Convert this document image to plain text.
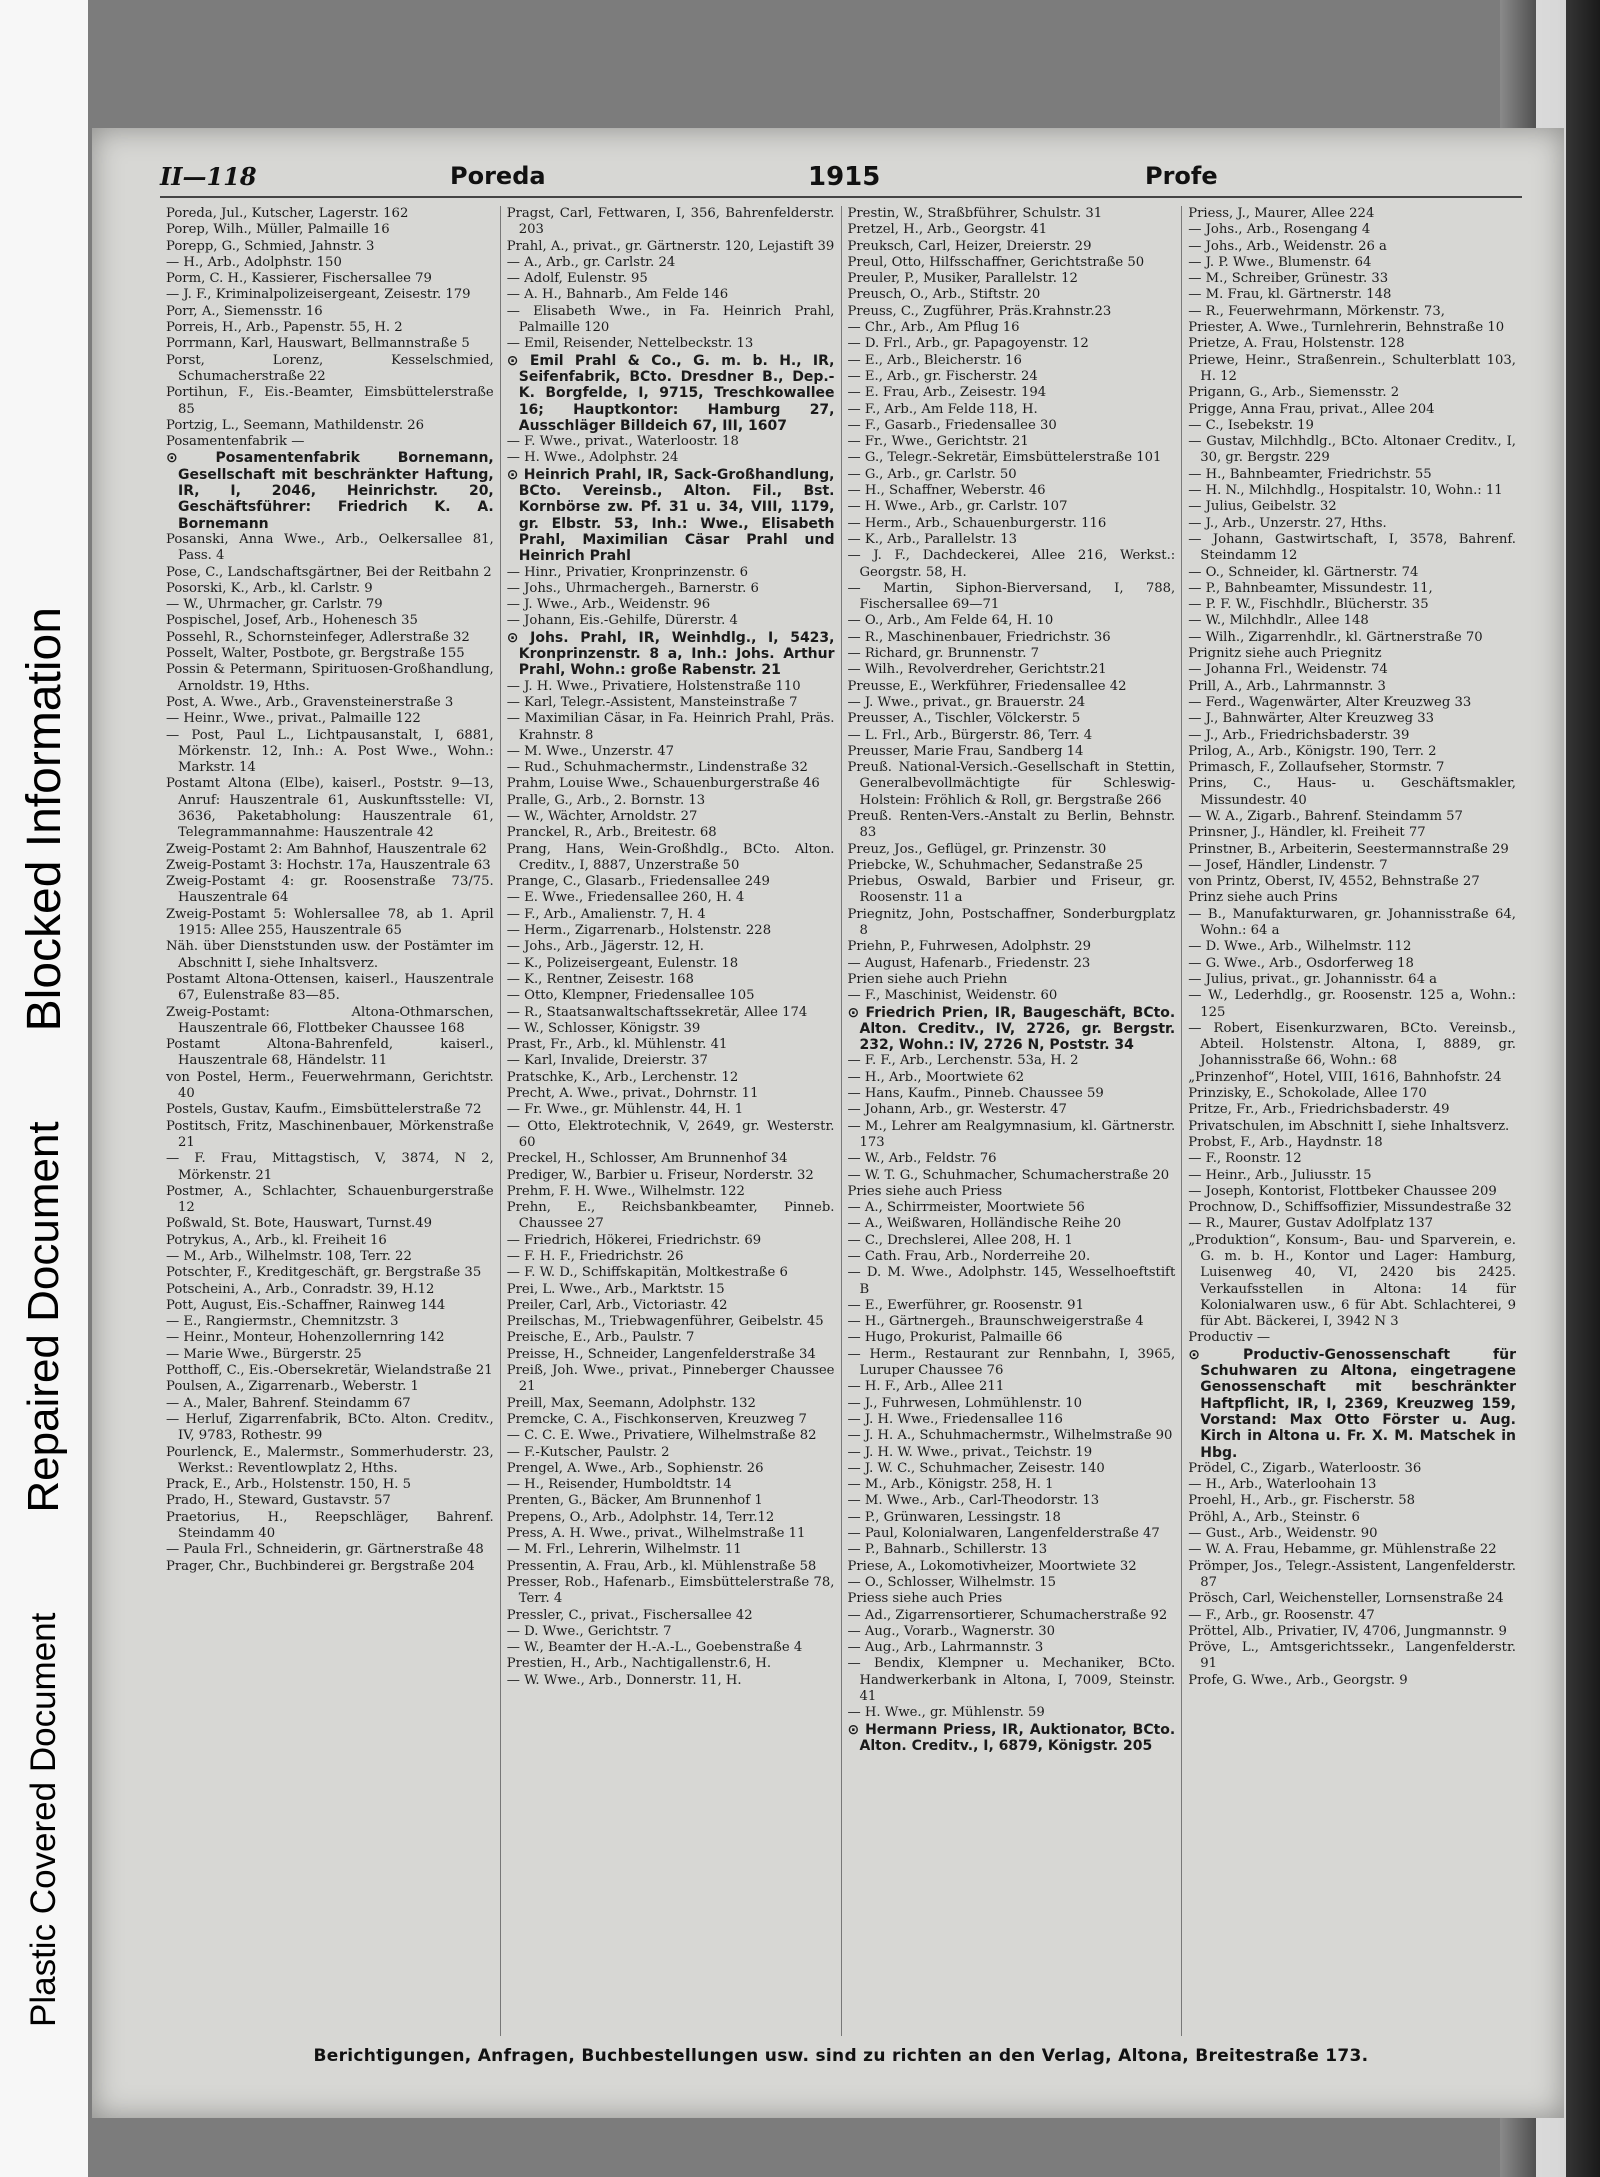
Plastic Covered Document
Repaired Document
Blocked Information
II—118	Poreda	1915	Profe

Poreda, Jul., Kutscher, Lagerstr. 162

Porep, Wilh., Müller, Palmaille 16

Porepp, G., Schmied, Jahnstr. 3

— H., Arb., Adolphstr. 150

Porm, C. H., Kassierer, Fischersallee 79

— J. F., Kriminalpolizeisergeant, Zeisestr. 179

Porr, A., Siemensstr. 16

Porreis, H., Arb., Papenstr. 55, H. 2

Porrmann, Karl, Hauswart, Bellmannstraße 5

Porst, Lorenz, Kesselschmied, Schumacherstraße 22

Portihun, F., Eis.-Beamter, Eimsbüttelerstraße 85

Portzig, L., Seemann, Mathildenstr. 26

Posamentenfabrik —

⊙ Posamentenfabrik Bornemann, Gesellschaft mit beschränkter Haftung, IR, I, 2046, Heinrichstr. 20, Geschäftsführer: Friedrich K. A. Bornemann

Posanski, Anna Wwe., Arb., Oelkersallee 81, Pass. 4

Pose, C., Landschaftsgärtner, Bei der Reitbahn 2

Posorski, K., Arb., kl. Carlstr. 9

— W., Uhrmacher, gr. Carlstr. 79

Pospischel, Josef, Arb., Hohenesch 35

Possehl, R., Schornsteinfeger, Adlerstraße 32

Posselt, Walter, Postbote, gr. Bergstraße 155

Possin & Petermann, Spirituosen-Großhandlung, Arnoldstr. 19, Hths.

Post, A. Wwe., Arb., Gravensteinerstraße 3

— Heinr., Wwe., privat., Palmaille 122

— Post, Paul L., Lichtpausanstalt, I, 6881, Mörkenstr. 12, Inh.: A. Post Wwe., Wohn.: Markstr. 14

Postamt Altona (Elbe), kaiserl., Poststr. 9—13, Anruf: Hauszentrale 61, Auskunftsstelle: VI, 3636, Paketabholung: Hauszentrale 61, Telegrammannahme: Hauszentrale 42

Zweig-Postamt 2: Am Bahnhof, Hauszentrale 62

Zweig-Postamt 3: Hochstr. 17a, Hauszentrale 63

Zweig-Postamt 4: gr. Roosenstraße 73/75. Hauszentrale 64

Zweig-Postamt 5: Wohlersallee 78, ab 1. April 1915: Allee 255, Hauszentrale 65

Näh. über Dienststunden usw. der Postämter im Abschnitt I, siehe Inhaltsverz.

Postamt Altona-Ottensen, kaiserl., Hauszentrale 67, Eulenstraße 83—85.

Zweig-Postamt: Altona-Othmarschen, Hauszentrale 66, Flottbeker Chaussee 168

Postamt Altona-Bahrenfeld, kaiserl., Hauszentrale 68, Händelstr. 11

von Postel, Herm., Feuerwehrmann, Gerichtstr. 40

Postels, Gustav, Kaufm., Eimsbüttelerstraße 72

Postitsch, Fritz, Maschinenbauer, Mörkenstraße 21

— F. Frau, Mittagstisch, V, 3874, N 2, Mörkenstr. 21

Postmer, A., Schlachter, Schauenburgerstraße 12

Poßwald, St. Bote, Hauswart, Turnst.49

Potrykus, A., Arb., kl. Freiheit 16

— M., Arb., Wilhelmstr. 108, Terr. 22

Potschter, F., Kreditgeschäft, gr. Bergstraße 35

Potscheini, A., Arb., Conradstr. 39, H.12

Pott, August, Eis.-Schaffner, Rainweg 144

— E., Rangiermstr., Chemnitzstr. 3

— Heinr., Monteur, Hohenzollernring 142

— Marie Wwe., Bürgerstr. 25

Potthoff, C., Eis.-Obersekretär, Wielandstraße 21

Poulsen, A., Zigarrenarb., Weberstr. 1

— A., Maler, Bahrenf. Steindamm 67

— Herluf, Zigarrenfabrik, BCto. Alton. Creditv., IV, 9783, Rothestr. 99

Pourlenck, E., Malermstr., Sommerhuderstr. 23, Werkst.: Reventlowplatz 2, Hths.

Prack, E., Arb., Holstenstr. 150, H. 5

Prado, H., Steward, Gustavstr. 57

Praetorius, H., Reepschläger, Bahrenf. Steindamm 40

— Paula Frl., Schneiderin, gr. Gärtnerstraße 48

Prager, Chr., Buchbinderei gr. Bergstraße 204

Pragst, Carl, Fettwaren, I, 356, Bahrenfelderstr. 203

Prahl, A., privat., gr. Gärtnerstr. 120, Lejastift 39

— A., Arb., gr. Carlstr. 24

— Adolf, Eulenstr. 95

— A. H., Bahnarb., Am Felde 146

— Elisabeth Wwe., in Fa. Heinrich Prahl, Palmaille 120

— Emil, Reisender, Nettelbeckstr. 13

⊙ Emil Prahl & Co., G. m. b. H., IR, Seifenfabrik, BCto. Dresdner B., Dep.-K. Borgfelde, I, 9715, Treschkowallee 16; Hauptkontor: Hamburg 27, Ausschläger Billdeich 67, III, 1607

— F. Wwe., privat., Waterloostr. 18

— H. Wwe., Adolphstr. 24

⊙ Heinrich Prahl, IR, Sack-Großhandlung, BCto. Vereinsb., Alton. Fil., Bst. Kornbörse zw. Pf. 31 u. 34, VIII, 1179, gr. Elbstr. 53, Inh.: Wwe., Elisabeth Prahl, Maximilian Cäsar Prahl und Heinrich Prahl

— Hinr., Privatier, Kronprinzenstr. 6

— Johs., Uhrmachergeh., Barnerstr. 6

— J. Wwe., Arb., Weidenstr. 96

— Johann, Eis.-Gehilfe, Dürerstr. 4

⊙ Johs. Prahl, IR, Weinhdlg., I, 5423, Kronprinzenstr. 8 a, Inh.: Johs. Arthur Prahl, Wohn.: große Rabenstr. 21

— J. H. Wwe., Privatiere, Holstenstraße 110

— Karl, Telegr.-Assistent, Mansteinstraße 7

— Maximilian Cäsar, in Fa. Heinrich Prahl, Präs. Krahnstr. 8

— M. Wwe., Unzerstr. 47

— Rud., Schuhmachermstr., Lindenstraße 32

Prahm, Louise Wwe., Schauenburgerstraße 46

Pralle, G., Arb., 2. Bornstr. 13

— W., Wächter, Arnoldstr. 27

Pranckel, R., Arb., Breitestr. 68

Prang, Hans, Wein-Großhdlg., BCto. Alton. Creditv., I, 8887, Unzerstraße 50

Prange, C., Glasarb., Friedensallee 249

— E. Wwe., Friedensallee 260, H. 4

— F., Arb., Amalienstr. 7, H. 4

— Herm., Zigarrenarb., Holstenstr. 228

— Johs., Arb., Jägerstr. 12, H.

— K., Polizeisergeant, Eulenstr. 18

— K., Rentner, Zeisestr. 168

— Otto, Klempner, Friedensallee 105

— R., Staatsanwaltschaftssekretär, Allee 174

— W., Schlosser, Königstr. 39

Prast, Fr., Arb., kl. Mühlenstr. 41

— Karl, Invalide, Dreierstr. 37

Pratschke, K., Arb., Lerchenstr. 12

Precht, A. Wwe., privat., Dohrnstr. 11

— Fr. Wwe., gr. Mühlenstr. 44, H. 1

— Otto, Elektrotechnik, V, 2649, gr. Westerstr. 60

Preckel, H., Schlosser, Am Brunnenhof 34

Prediger, W., Barbier u. Friseur, Norderstr. 32

Prehm, F. H. Wwe., Wilhelmstr. 122

Prehn, E., Reichsbankbeamter, Pinneb. Chaussee 27

— Friedrich, Hökerei, Friedrichstr. 69

— F. H. F., Friedrichstr. 26

— F. W. D., Schiffskapitän, Moltkestraße 6

Prei, L. Wwe., Arb., Marktstr. 15

Preiler, Carl, Arb., Victoriastr. 42

Preilschas, M., Triebwagenführer, Geibelstr. 45

Preische, E., Arb., Paulstr. 7

Preisse, H., Schneider, Langenfelderstraße 34

Preiß, Joh. Wwe., privat., Pinneberger Chaussee 21

Preill, Max, Seemann, Adolphstr. 132

Premcke, C. A., Fischkonserven, Kreuzweg 7

— C. C. E. Wwe., Privatiere, Wilhelmstraße 82

— F.-Kutscher, Paulstr. 2

Prengel, A. Wwe., Arb., Sophienstr. 26

— H., Reisender, Humboldtstr. 14

Prenten, G., Bäcker, Am Brunnenhof 1

Prepens, O., Arb., Adolphstr. 14, Terr.12

Press, A. H. Wwe., privat., Wilhelmstraße 11

— M. Frl., Lehrerin, Wilhelmstr. 11

Pressentin, A. Frau, Arb., kl. Mühlenstraße 58

Presser, Rob., Hafenarb., Eimsbüttelerstraße 78, Terr. 4

Pressler, C., privat., Fischersallee 42

— D. Wwe., Gerichtstr. 7

— W., Beamter der H.-A.-L., Goebenstraße 4

Prestien, H., Arb., Nachtigallenstr.6, H.

— W. Wwe., Arb., Donnerstr. 11, H.

Prestin, W., Straßbführer, Schulstr. 31

Pretzel, H., Arb., Georgstr. 41

Preuksch, Carl, Heizer, Dreierstr. 29

Preul, Otto, Hilfsschaffner, Gerichtstraße 50

Preuler, P., Musiker, Parallelstr. 12

Preusch, O., Arb., Stiftstr. 20

Preuss, C., Zugführer, Präs.Krahnstr.23

— Chr., Arb., Am Pflug 16

— D. Frl., Arb., gr. Papagoyenstr. 12

— E., Arb., Bleicherstr. 16

— E., Arb., gr. Fischerstr. 24

— E. Frau, Arb., Zeisestr. 194

— F., Arb., Am Felde 118, H.

— F., Gasarb., Friedensallee 30

— Fr., Wwe., Gerichtstr. 21

— G., Telegr.-Sekretär, Eimsbüttelerstraße 101

— G., Arb., gr. Carlstr. 50

— H., Schaffner, Weberstr. 46

— H. Wwe., Arb., gr. Carlstr. 107

— Herm., Arb., Schauenburgerstr. 116

— K., Arb., Parallelstr. 13

— J. F., Dachdeckerei, Allee 216, Werkst.: Georgstr. 58, H.

— Martin, Siphon-Bierversand, I, 788, Fischersallee 69—71

— O., Arb., Am Felde 64, H. 10

— R., Maschinenbauer, Friedrichstr. 36

— Richard, gr. Brunnenstr. 7

— Wilh., Revolverdreher, Gerichtstr.21

Preusse, E., Werkführer, Friedensallee 42

— J. Wwe., privat., gr. Brauerstr. 24

Preusser, A., Tischler, Völckerstr. 5

— L. Frl., Arb., Bürgerstr. 86, Terr. 4

Preusser, Marie Frau, Sandberg 14

Preuß. National-Versich.-Gesellschaft in Stettin, Generalbevollmächtigte für Schleswig-Holstein: Fröhlich & Roll, gr. Bergstraße 266

Preuß. Renten-Vers.-Anstalt zu Berlin, Behnstr. 83

Preuz, Jos., Geflügel, gr. Prinzenstr. 30

Priebcke, W., Schuhmacher, Sedanstraße 25

Priebus, Oswald, Barbier und Friseur, gr. Roosenstr. 11 a

Priegnitz, John, Postschaffner, Sonderburgplatz 8

Priehn, P., Fuhrwesen, Adolphstr. 29

— August, Hafenarb., Friedenstr. 23

Prien siehe auch Priehn

— F., Maschinist, Weidenstr. 60

⊙ Friedrich Prien, IR, Baugeschäft, BCto. Alton. Creditv., IV, 2726, gr. Bergstr. 232, Wohn.: IV, 2726 N, Poststr. 34

— F. F., Arb., Lerchenstr. 53a, H. 2

— H., Arb., Moortwiete 62

— Hans, Kaufm., Pinneb. Chaussee 59

— Johann, Arb., gr. Westerstr. 47

— M., Lehrer am Realgymnasium, kl. Gärtnerstr. 173

— W., Arb., Feldstr. 76

— W. T. G., Schuhmacher, Schumacherstraße 20

Pries siehe auch Priess

— A., Schirrmeister, Moortwiete 56

— A., Weißwaren, Holländische Reihe 20

— C., Drechslerei, Allee 208, H. 1

— Cath. Frau, Arb., Norderreihe 20.

— D. M. Wwe., Adolphstr. 145, Wesselhoeftstift B

— E., Ewerführer, gr. Roosenstr. 91

— H., Gärtnergeh., Braunschweigerstraße 4

— Hugo, Prokurist, Palmaille 66

— Herm., Restaurant zur Rennbahn, I, 3965, Luruper Chaussee 76

— H. F., Arb., Allee 211

— J., Fuhrwesen, Lohmühlenstr. 10

— J. H. Wwe., Friedensallee 116

— J. H. A., Schuhmachermstr., Wilhelmstraße 90

— J. H. W. Wwe., privat., Teichstr. 19

— J. W. C., Schuhmacher, Zeisestr. 140

— M., Arb., Königstr. 258, H. 1

— M. Wwe., Arb., Carl-Theodorstr. 13

— P., Grünwaren, Lessingstr. 18

— Paul, Kolonialwaren, Langenfelderstraße 47

— P., Bahnarb., Schillerstr. 13

Priese, A., Lokomotivheizer, Moortwiete 32

— O., Schlosser, Wilhelmstr. 15

Priess siehe auch Pries

— Ad., Zigarrensortierer, Schumacherstraße 92

— Aug., Vorarb., Wagnerstr. 30

— Aug., Arb., Lahrmannstr. 3

— Bendix, Klempner u. Mechaniker, BCto. Handwerkerbank in Altona, I, 7009, Steinstr. 41

— H. Wwe., gr. Mühlenstr. 59

⊙ Hermann Priess, IR, Auktionator, BCto. Alton. Creditv., I, 6879, Königstr. 205

Priess, J., Maurer, Allee 224

— Johs., Arb., Rosengang 4

— Johs., Arb., Weidenstr. 26 a

— J. P. Wwe., Blumenstr. 64

— M., Schreiber, Grünestr. 33

— M. Frau, kl. Gärtnerstr. 148

— R., Feuerwehrmann, Mörkenstr. 73,

Priester, A. Wwe., Turnlehrerin, Behnstraße 10

Prietze, A. Frau, Holstenstr. 128

Priewe, Heinr., Straßenrein., Schulterblatt 103, H. 12

Prigann, G., Arb., Siemensstr. 2

Prigge, Anna Frau, privat., Allee 204

— C., Isebekstr. 19

— Gustav, Milchhdlg., BCto. Altonaer Creditv., I, 30, gr. Bergstr. 229

— H., Bahnbeamter, Friedrichstr. 55

— H. N., Milchhdlg., Hospitalstr. 10, Wohn.: 11

— Julius, Geibelstr. 32

— J., Arb., Unzerstr. 27, Hths.

— Johann, Gastwirtschaft, I, 3578, Bahrenf. Steindamm 12

— O., Schneider, kl. Gärtnerstr. 74

— P., Bahnbeamter, Missundestr. 11,

— P. F. W., Fischhdlr., Blücherstr. 35

— W., Milchhdlr., Allee 148

— Wilh., Zigarrenhdlr., kl. Gärtnerstraße 70

Prignitz siehe auch Priegnitz

— Johanna Frl., Weidenstr. 74

Prill, A., Arb., Lahrmannstr. 3

— Ferd., Wagenwärter, Alter Kreuzweg 33

— J., Bahnwärter, Alter Kreuzweg 33

— J., Arb., Friedrichsbaderstr. 39

Prilog, A., Arb., Königstr. 190, Terr. 2

Primasch, F., Zollaufseher, Stormstr. 7

Prins, C., Haus- u. Geschäftsmakler, Missundestr. 40

— W. A., Zigarb., Bahrenf. Steindamm 57

Prinsner, J., Händler, kl. Freiheit 77

Prinstner, B., Arbeiterin, Seestermannstraße 29

— Josef, Händler, Lindenstr. 7

von Printz, Oberst, IV, 4552, Behnstraße 27

Prinz siehe auch Prins

— B., Manufakturwaren, gr. Johannisstraße 64, Wohn.: 64 a

— D. Wwe., Arb., Wilhelmstr. 112

— G. Wwe., Arb., Osdorferweg 18

— Julius, privat., gr. Johannisstr. 64 a

— W., Lederhdlg., gr. Roosenstr. 125 a, Wohn.: 125

— Robert, Eisenkurzwaren, BCto. Vereinsb., Abteil. Holstenstr. Altona, I, 8889, gr. Johannisstraße 66, Wohn.: 68

„Prinzenhof“, Hotel, VIII, 1616, Bahnhofstr. 24

Prinzisky, E., Schokolade, Allee 170

Pritze, Fr., Arb., Friedrichsbaderstr. 49

Privatschulen, im Abschnitt I, siehe Inhaltsverz.

Probst, F., Arb., Haydnstr. 18

— F., Roonstr. 12

— Heinr., Arb., Juliusstr. 15

— Joseph, Kontorist, Flottbeker Chaussee 209

Prochnow, D., Schiffsoffizier, Missundestraße 32

— R., Maurer, Gustav Adolfplatz 137

„Produktion“, Konsum-, Bau- und Sparverein, e. G. m. b. H., Kontor und Lager: Hamburg, Luisenweg 40, VI, 2420 bis 2425. Verkaufsstellen in Altona: 14 für Kolonialwaren usw., 6 für Abt. Schlachterei, 9 für Abt. Bäckerei, I, 3942 N 3

Productiv —

⊙ Productiv-Genossenschaft für Schuhwaren zu Altona, eingetragene Genossenschaft mit beschränkter Haftpflicht, IR, I, 2369, Kreuzweg 159, Vorstand: Max Otto Förster u. Aug. Kirch in Altona u. Fr. X. M. Matschek in Hbg.

Prödel, C., Zigarb., Waterloostr. 36

— H., Arb., Waterloohain 13

Proehl, H., Arb., gr. Fischerstr. 58

Pröhl, A., Arb., Steinstr. 6

— Gust., Arb., Weidenstr. 90

— W. A. Frau, Hebamme, gr. Mühlenstraße 22

Prömper, Jos., Telegr.-Assistent, Langenfelderstr. 87

Prösch, Carl, Weichensteller, Lornsenstraße 24

— F., Arb., gr. Roosenstr. 47

Pröttel, Alb., Privatier, IV, 4706, Jungmannstr. 9

Pröve, L., Amtsgerichtssekr., Langenfelderstr. 91

Profe, G. Wwe., Arb., Georgstr. 9

Berichtigungen, Anfragen, Buchbestellungen usw. sind zu richten an den Verlag, Altona, Breitestraße 173.
